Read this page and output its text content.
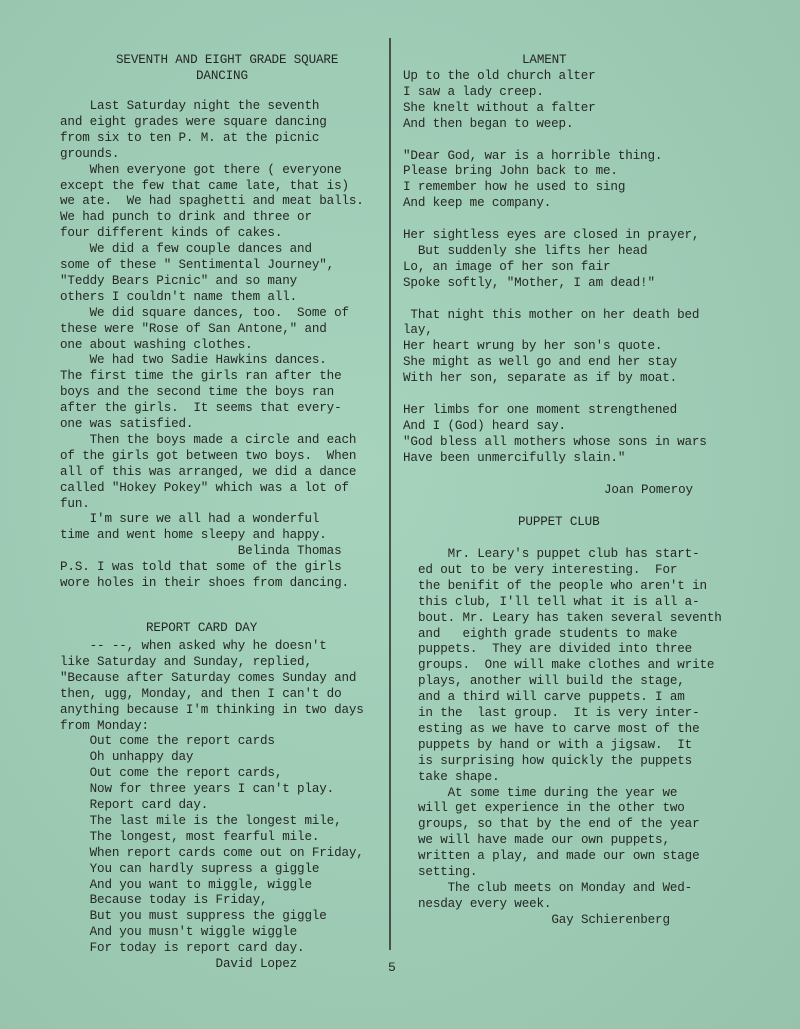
SEVENTH AND EIGHT GRADE SQUARE
DANCING
Last Saturday night the seventh
and eight grades were square dancing
from six to ten P. M. at the picnic
grounds.
When everyone got there ( everyone
except the few that came late, that is)
we ate.  We had spaghetti and meat balls.
We had punch to drink and three or
four different kinds of cakes.
We did a few couple dances and
some of these " Sentimental Journey",
"Teddy Bears Picnic" and so many
others I couldn't name them all.
We did square dances, too.  Some of
these were "Rose of San Antone," and
one about washing clothes.
We had two Sadie Hawkins dances.
The first time the girls ran after the
boys and the second time the boys ran
after the girls.  It seems that every-
one was satisfied.
Then the boys made a circle and each
of the girls got between two boys.  When
all of this was arranged, we did a dance
called "Hokey Pokey" which was a lot of
fun.
I'm sure we all had a wonderful
time and went home sleepy and happy.
Belinda Thomas
P.S. I was told that some of the girls
wore holes in their shoes from dancing.
REPORT CARD DAY
-- --, when asked why he doesn't
like Saturday and Sunday, replied,
"Because after Saturday comes Sunday and
then, ugg, Monday, and then I can't do
anything because I'm thinking in two days
from Monday:
Out come the report cards
Oh unhappy day
Out come the report cards,
Now for three years I can't play.
Report card day.
The last mile is the longest mile,
The longest, most fearful mile.
When report cards come out on Friday,
You can hardly supress a giggle
And you want to miggle, wiggle
Because today is Friday,
But you must suppress the giggle
And you musn't wiggle wiggle
For today is report card day.
David Lopez
LAMENT
Up to the old church alter
I saw a lady creep.
She knelt without a falter
And then began to weep.
"Dear God, war is a horrible thing.
Please bring John back to me.
I remember how he used to sing
And keep me company.
Her sightless eyes are closed in prayer,
But suddenly she lifts her head
Lo, an image of her son fair
Spoke softly, "Mother, I am dead!"
That night this mother on her death bed
lay,
Her heart wrung by her son's quote.
She might as well go and end her stay
With her son, separate as if by moat.
Her limbs for one moment strengthened
And I (God) heard say.
"God bless all mothers whose sons in wars
Have been unmercifully slain."
Joan Pomeroy
PUPPET CLUB
Mr. Leary's puppet club has start-
ed out to be very interesting.  For
the benifit of the people who aren't in
this club, I'll tell what it is all a-
bout. Mr. Leary has taken several seventh
and   eighth grade students to make
puppets.  They are divided into three
groups.  One will make clothes and write
plays, another will build the stage,
and a third will carve puppets. I am
in the  last group.  It is very inter-
esting as we have to carve most of the
puppets by hand or with a jigsaw.  It
is surprising how quickly the puppets
take shape.
At some time during the year we
will get experience in the other two
groups, so that by the end of the year
we will have made our own puppets,
written a play, and made our own stage
setting.
The club meets on Monday and Wed-
nesday every week.
Gay Schierenberg
5
